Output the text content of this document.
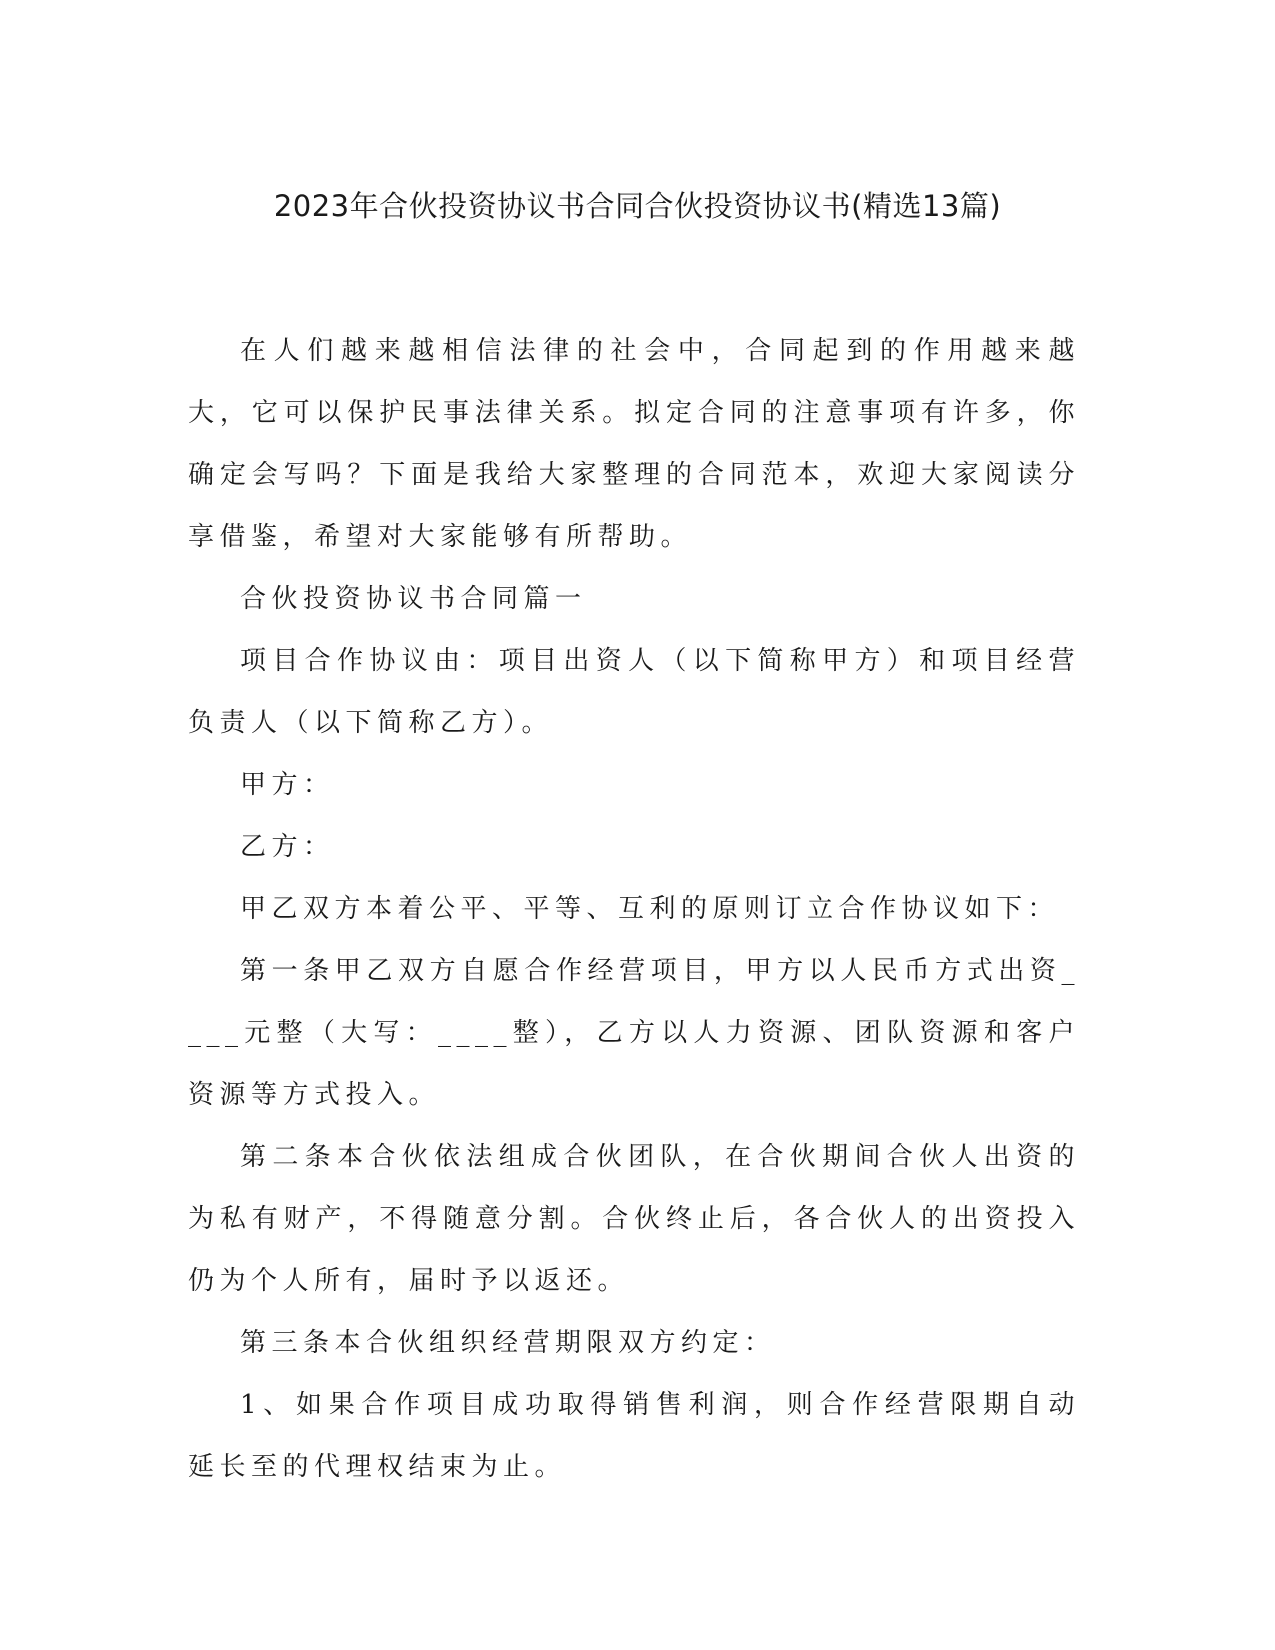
2023年合伙投资协议书合同合伙投资协议书(精选13篇)

在人们越来越相信法律的社会中，合同起到的作用越来越大，它可以保护民事法律关系。拟定合同的注意事项有许多，你确定会写吗？下面是我给大家整理的合同范本，欢迎大家阅读分享借鉴，希望对大家能够有所帮助。

合伙投资协议书合同篇一

项目合作协议由：项目出资人（以下简称甲方）和项目经营负责人（以下简称乙方）。

甲方：

乙方：

甲乙双方本着公平、平等、互利的原则订立合作协议如下：

第一条甲乙双方自愿合作经营项目，甲方以人民币方式出资____元整（大写：____整），乙方以人力资源、团队资源和客户资源等方式投入。

第二条本合伙依法组成合伙团队，在合伙期间合伙人出资的为私有财产，不得随意分割。合伙终止后，各合伙人的出资投入仍为个人所有，届时予以返还。

第三条本合伙组织经营期限双方约定：

1、如果合作项目成功取得销售利润，则合作经营限期自动延长至的代理权结束为止。
